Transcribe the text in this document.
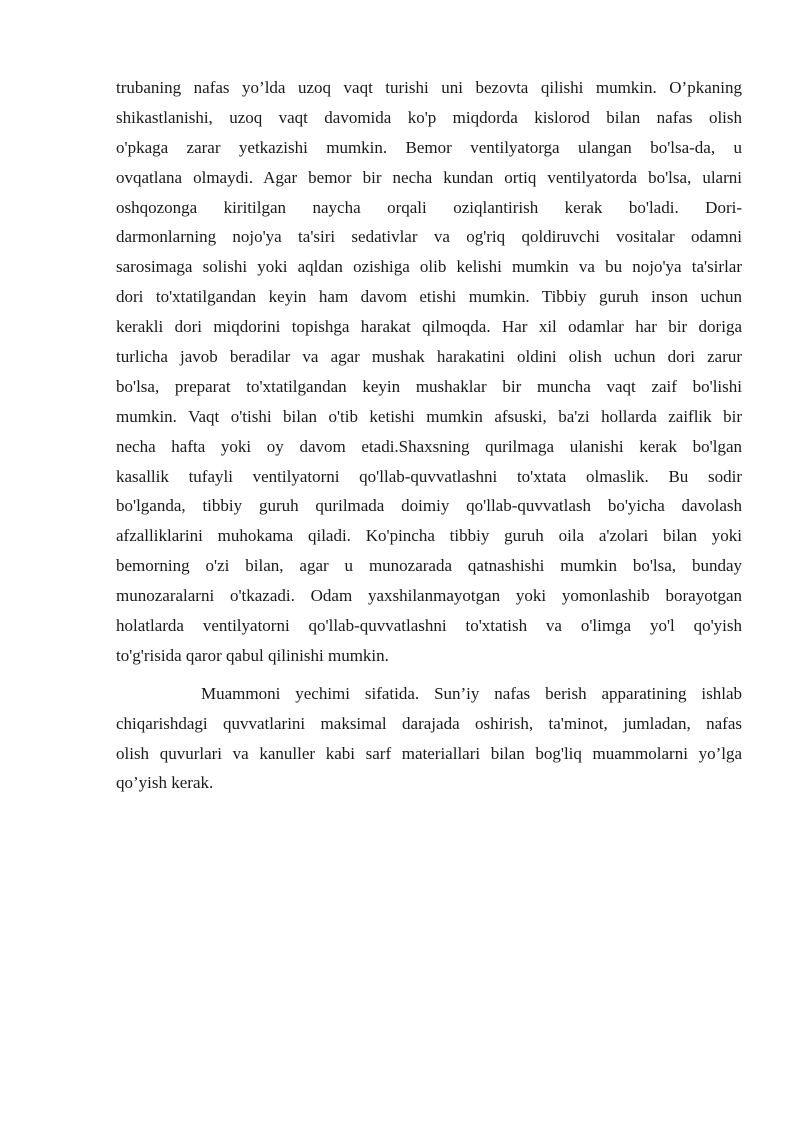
trubaning nafas yo’lda uzoq vaqt turishi uni bezovta qilishi mumkin. O’pkaning
shikastlanishi, uzoq vaqt davomida ko'p miqdorda kislorod bilan nafas olish
o'pkaga zarar yetkazishi mumkin. Bemor ventilyatorga ulangan bo'lsa-da, u
ovqatlana olmaydi. Agar bemor bir necha kundan ortiq ventilyatorda bo'lsa, ularni
oshqozonga kiritilgan naycha orqali oziqlantirish kerak bo'ladi. Dori-
darmonlarning nojo'ya ta'siri sedativlar va og'riq qoldiruvchi vositalar odamni
sarosimaga solishi yoki aqldan ozishiga olib kelishi mumkin va bu nojo'ya ta'sirlar
dori to'xtatilgandan keyin ham davom etishi mumkin. Tibbiy guruh inson uchun
kerakli dori miqdorini topishga harakat qilmoqda. Har xil odamlar har bir doriga
turlicha javob beradilar va agar mushak harakatini oldini olish uchun dori zarur
bo'lsa, preparat to'xtatilgandan keyin mushaklar bir muncha vaqt zaif bo'lishi
mumkin. Vaqt o'tishi bilan o'tib ketishi mumkin afsuski, ba'zi hollarda zaiflik bir
necha hafta yoki oy davom etadi.Shaxsning qurilmaga ulanishi kerak bo'lgan
kasallik tufayli ventilyatorni qo'llab-quvvatlashni to'xtata olmaslik. Bu sodir
bo'lganda, tibbiy guruh qurilmada doimiy qo'llab-quvvatlash bo'yicha davolash
afzalliklarini muhokama qiladi. Ko'pincha tibbiy guruh oila a'zolari bilan yoki
bemorning o'zi bilan, agar u munozarada qatnashishi mumkin bo'lsa, bunday
munozaralarni o'tkazadi. Odam yaxshilanmayotgan yoki yomonlashib borayotgan
holatlarda ventilyatorni qo'llab-quvvatlashni to'xtatish va o'limga yo'l qo'yish
to'g'risida qaror qabul qilinishi mumkin.
Muammoni yechimi sifatida. Sun’iy nafas berish apparatining ishlab
chiqarishdagi quvvatlarini maksimal darajada oshirish, ta'minot, jumladan, nafas
olish quvurlari va kanuller kabi sarf materiallari bilan bog'liq muammolarni yo’lga
qo’yish kerak.
